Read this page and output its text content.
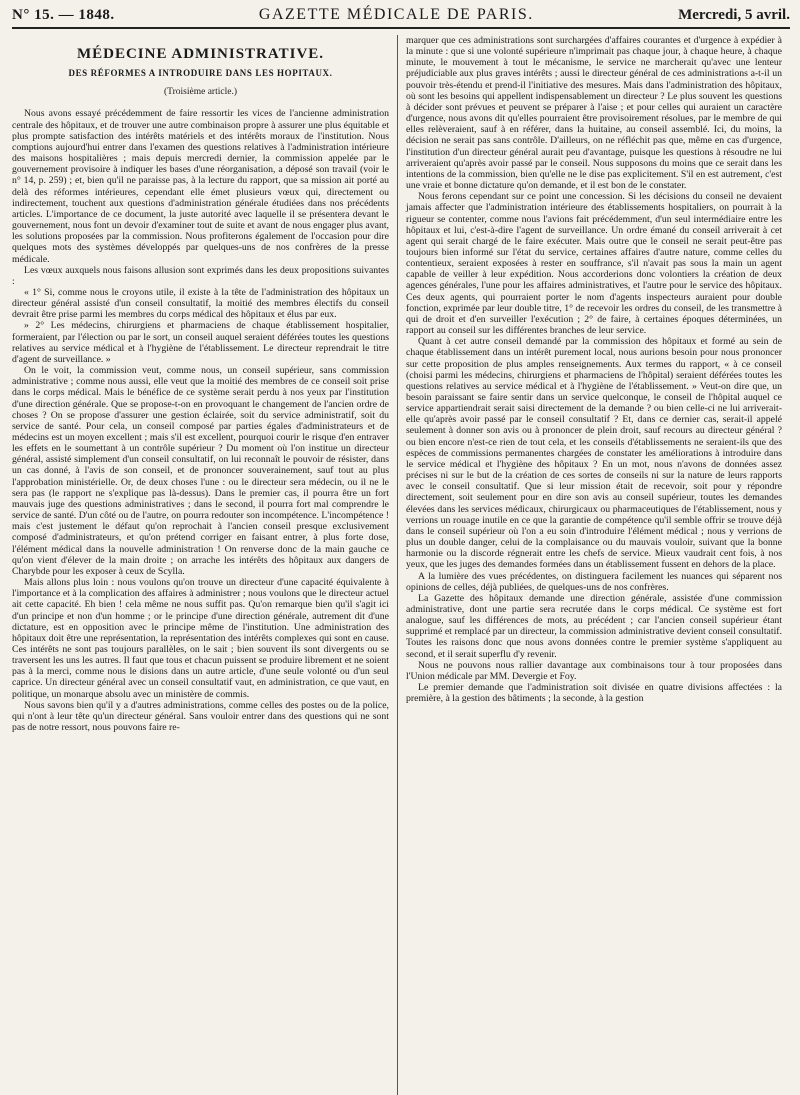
N° 15. — 1848.	GAZETTE MÉDICALE DE PARIS.	Mercredi, 5 avril.
MÉDECINE ADMINISTRATIVE.
DES RÉFORMES A INTRODUIRE DANS LES HOPITAUX.
(Troisième article.)

Nous avons essayé précédemment de faire ressortir les vices de l'ancienne administration centrale des hôpitaux, et de trouver une autre combinaison propre à assurer une plus équitable et plus prompte satisfaction des intérêts matériels et des intérêts moraux de l'institution. Nous comptions aujourd'hui entrer dans l'examen des questions relatives à l'administration intérieure des maisons hospitalières ; mais depuis mercredi dernier, la commission appelée par le gouvernement provisoire à indiquer les bases d'une réorganisation, a déposé son travail (voir le n° 14, p. 259) ; et, bien qu'il ne paraisse pas, à la lecture du rapport, que sa mission ait porté au delà des réformes intérieures, cependant elle émet plusieurs vœux qui, directement ou indirectement, touchent aux questions d'administration générale étudiées dans nos précédents articles. L'importance de ce document, la juste autorité avec laquelle il se présentera devant le gouvernement, nous font un devoir d'examiner tout de suite et avant de nous engager plus avant, les solutions proposées par la commission. Nous profiterons également de l'occasion pour dire quelques mots des systèmes développés par quelques-uns de nos confrères de la presse médicale.

Les vœux auxquels nous faisons allusion sont exprimés dans les deux propositions suivantes :

« 1° Si, comme nous le croyons utile, il existe à la tête de l'administration des hôpitaux un directeur général assisté d'un conseil consultatif, la moitié des membres électifs du conseil devrait être prise parmi les membres du corps médical des hôpitaux et élus par eux.

» 2° Les médecins, chirurgiens et pharmaciens de chaque établissement hospitalier, formeraient, par l'élection ou par le sort, un conseil auquel seraient déférées toutes les questions relatives au service médical et à l'hygiène de l'établissement. Le directeur reprendrait le titre d'agent de surveillance. »

On le voit, la commission veut, comme nous, un conseil supérieur, sans commission administrative ; comme nous aussi, elle veut que la moitié des membres de ce conseil soit prise dans le corps médical. Mais le bénéfice de ce système serait perdu à nos yeux par l'institution d'une direction générale. Que se propose-t-on en provoquant le changement de l'ancien ordre de choses ? On se propose d'assurer une gestion éclairée, soit du service administratif, soit du service de santé. Pour cela, un conseil composé par parties égales d'administrateurs et de médecins est un moyen excellent ; mais s'il est excellent, pourquoi courir le risque d'en entraver les effets en le soumettant à un contrôle supérieur ? Du moment où l'on institue un directeur général, assisté simplement d'un conseil consultatif, on lui reconnaît le pouvoir de résister, dans un cas donné, à l'avis de son conseil, et de prononcer souverainement, sauf tout au plus l'approbation ministérielle. Or, de deux choses l'une : ou le directeur sera médecin, ou il ne le sera pas (le rapport ne s'explique pas là-dessus). Dans le premier cas, il pourra être un fort mauvais juge des questions administratives ; dans le second, il pourra fort mal comprendre le service de santé. D'un côté ou de l'autre, on pourra redouter son incompétence. L'incompétence ! mais c'est justement le défaut qu'on reprochait à l'ancien conseil presque exclusivement composé d'administrateurs, et qu'on prétend corriger en faisant entrer, à plus forte dose, l'élément médical dans la nouvelle administration ! On renverse donc de la main gauche ce qu'on vient d'élever de la main droite ; on arrache les intérêts des hôpitaux aux dangers de Charybde pour les exposer à ceux de Scylla.

Mais allons plus loin : nous voulons qu'on trouve un directeur d'une capacité équivalente à l'importance et à la complication des affaires à administrer ; nous voulons que le directeur actuel ait cette capacité. Eh bien ! cela même ne nous suffit pas. Qu'on remarque bien qu'il s'agit ici d'un principe et non d'un homme ; or le principe d'une direction générale, autrement dit d'une dictature, est en opposition avec le principe même de l'institution. Une administration des hôpitaux doit être une représentation, la représentation des intérêts complexes qui sont en cause. Ces intérêts ne sont pas toujours parallèles, on le sait ; bien souvent ils sont divergents ou se traversent les uns les autres. Il faut que tous et chacun puissent se produire librement et ne soient pas à la merci, comme nous le disions dans un autre article, d'une seule volonté ou d'un seul caprice. Un directeur général avec un conseil consultatif vaut, en administration, ce que vaut, en politique, un monarque absolu avec un ministère de commis.

Nous savons bien qu'il y a d'autres administrations, comme celles des postes ou de la police, qui n'ont à leur tête qu'un directeur général. Sans vouloir entrer dans des questions qui ne sont pas de notre ressort, nous pouvons faire re-

marquer que ces administrations sont surchargées d'affaires courantes et d'urgence à expédier à la minute : que si une volonté supérieure n'imprimait pas chaque jour, à chaque heure, à chaque minute, le mouvement à tout le mécanisme, le service ne marcherait qu'avec une lenteur préjudiciable aux plus graves intérêts ; aussi le directeur général de ces administrations a-t-il un pouvoir très-étendu et prend-il l'initiative des mesures. Mais dans l'administration des hôpitaux, où sont les besoins qui appellent indispensablement un directeur ? Le plus souvent les questions à décider sont prévues et peuvent se préparer à l'aise ; et pour celles qui auraient un caractère d'urgence, nous avons dit qu'elles pourraient être provisoirement résolues, par le membre de qui elles relèveraient, sauf à en référer, dans la huitaine, au conseil assemblé. Ici, du moins, la décision ne serait pas sans contrôle. D'ailleurs, on ne réfléchit pas que, même en cas d'urgence, l'institution d'un directeur général aurait peu d'avantage, puisque les questions à résoudre ne lui arriveraient qu'après avoir passé par le conseil. Nous supposons du moins que ce serait dans les intentions de la commission, bien qu'elle ne le dise pas explicitement. S'il en est autrement, c'est une vraie et bonne dictature qu'on demande, et il est bon de le constater.

Nous ferons cependant sur ce point une concession. Si les décisions du conseil ne devaient jamais affecter que l'administration intérieure des établissements hospitaliers, on pourrait à la rigueur se contenter, comme nous l'avions fait précédemment, d'un seul intermédiaire entre les hôpitaux et lui, c'est-à-dire l'agent de surveillance. Un ordre émané du conseil arriverait à cet agent qui serait chargé de le faire exécuter. Mais outre que le conseil ne serait peut-être pas toujours bien informé sur l'état du service, certaines affaires d'autre nature, comme celles du contentieux, seraient exposées à rester en souffrance, s'il n'avait pas sous la main un agent capable de veiller à leur expédition. Nous accorderions donc volontiers la création de deux agences générales, l'une pour les affaires administratives, et l'autre pour le service des hôpitaux. Ces deux agents, qui pourraient porter le nom d'agents inspecteurs auraient pour double fonction, exprimée par leur double titre, 1° de recevoir les ordres du conseil, de les transmettre à qui de droit et d'en surveiller l'exécution ; 2° de faire, à certaines époques déterminées, un rapport au conseil sur les différentes branches de leur service.

Quant à cet autre conseil demandé par la commission des hôpitaux et formé au sein de chaque établissement dans un intérêt purement local, nous aurions besoin pour nous prononcer sur cette proposition de plus amples renseignements. Aux termes du rapport, « à ce conseil (choisi parmi les médecins, chirurgiens et pharmaciens de l'hôpital) seraient déférées toutes les questions relatives au service médical et à l'hygiène de l'établissement. » Veut-on dire que, un besoin paraissant se faire sentir dans un service quelconque, le conseil de l'hôpital auquel ce service appartiendrait serait saisi directement de la demande ? ou bien celle-ci ne lui arriverait-elle qu'après avoir passé par le conseil consultatif ? Et, dans ce dernier cas, serait-il appelé seulement à donner son avis ou à prononcer de plein droit, sauf recours au directeur général ? ou bien encore n'est-ce rien de tout cela, et les conseils d'établissements ne seraient-ils que des espèces de commissions permanentes chargées de constater les améliorations à introduire dans le service médical et l'hygiène des hôpitaux ? En un mot, nous n'avons de données assez précises ni sur le but de la création de ces sortes de conseils ni sur la nature de leurs rapports avec le conseil consultatif. Que si leur mission était de recevoir, soit pour y répondre directement, soit seulement pour en dire son avis au conseil supérieur, toutes les demandes élevées dans les services médicaux, chirurgicaux ou pharmaceutiques de l'établissement, nous y verrions un rouage inutile en ce que la garantie de compétence qu'il semble offrir se trouve déjà dans le conseil supérieur où l'on a eu soin d'introduire l'élément médical ; nous y verrions de plus un double danger, celui de la complaisance ou du mauvais vouloir, suivant que la bonne harmonie ou la discorde régnerait entre les chefs de service. Mieux vaudrait cent fois, à nos yeux, que les juges des demandes formées dans un établissement fussent en dehors de la place.

A la lumière des vues précédentes, on distinguera facilement les nuances qui séparent nos opinions de celles, déjà publiées, de quelques-uns de nos confrères.

La Gazette des hôpitaux demande une direction générale, assistée d'une commission administrative, dont une partie sera recrutée dans le corps médical. Ce système est fort analogue, sauf les différences de mots, au précédent ; car l'ancien conseil supérieur étant supprimé et remplacé par un directeur, la commission administrative devient conseil consultatif. Toutes les raisons donc que nous avons données contre le premier système s'appliquent au second, et il serait superflu d'y revenir.

Nous ne pouvons nous rallier davantage aux combinaisons tour à tour proposées dans l'Union médicale par MM. Devergie et Foy.

Le premier demande que l'administration soit divisée en quatre divisions affectées : la première, à la gestion des bâtiments ; la seconde, à la gestion
